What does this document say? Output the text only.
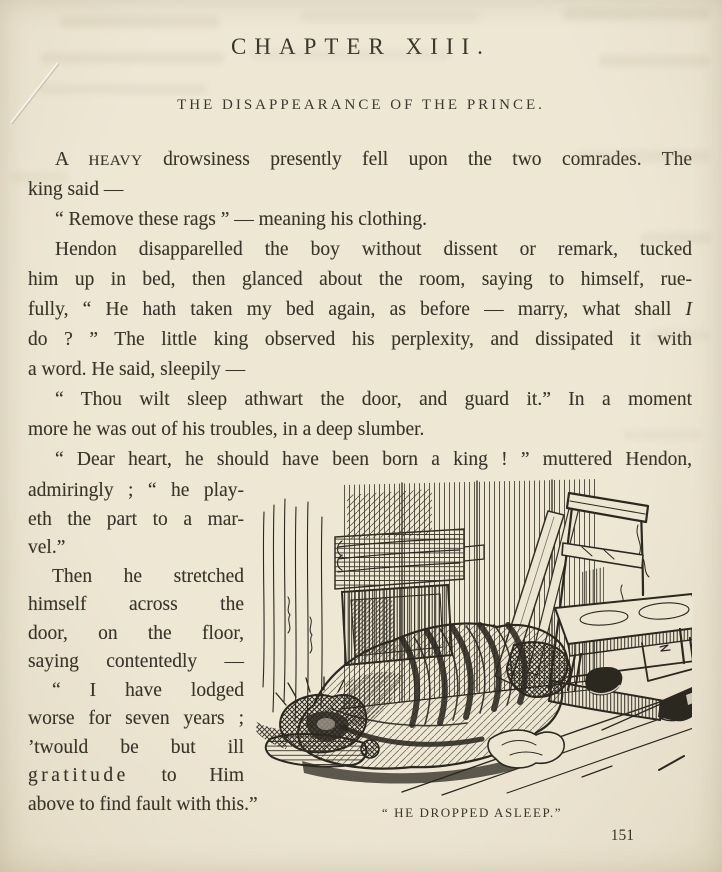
CHAPTER XIII.
THE DISAPPEARANCE OF THE PRINCE.
A HEAVY drowsiness presently fell upon the two comrades. The
king said —
“ Remove these rags ” — meaning his clothing.
Hendon disapparelled the boy without dissent or remark, tucked
him up in bed, then glanced about the room, saying to himself, rue-
fully, “ He hath taken my bed again, as before — marry, what shall I
do ? ” The little king observed his perplexity, and dissipated it with
a word. He said, sleepily —
“ Thou wilt sleep athwart the door, and guard it.” In a moment
more he was out of his troubles, in a deep slumber.
“ Dear heart, he should have been born a king ! ” muttered Hendon,
admiringly ; “ he play-
eth the part to a mar-
vel.”
Then he stretched
himself across the
door, on the floor,
saying contentedly —
“ I have lodged
worse for seven years ;
’twould be but ill
gratitude to Him
above to find fault with this.”	“ HE DROPPED ASLEEP.”
151
